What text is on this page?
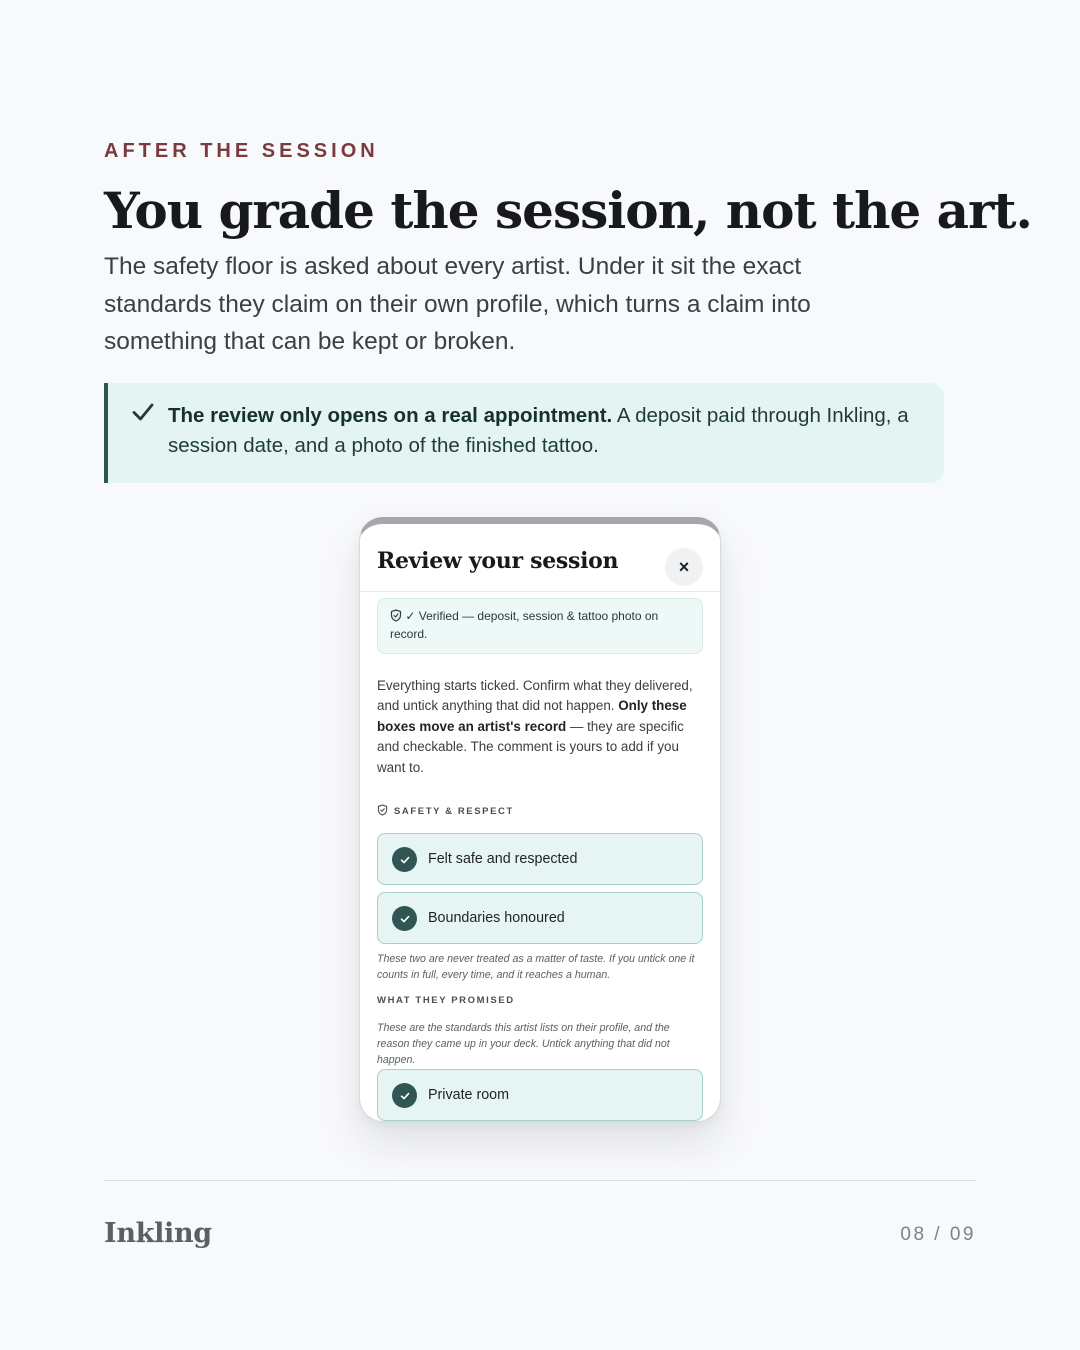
AFTER THE SESSION
You grade the session, not the art.

The safety floor is asked about every artist. Under it sit the exact standards they claim on their own profile, which turns a claim into something that can be kept or broken.

The review only opens on a real appointment. A deposit paid through Inkling, a session date, and a photo of the finished tattoo.
Review your session	×
✓ Verified — deposit, session & tattoo photo on record.

Everything starts ticked. Confirm what they delivered, and untick anything that did not happen. Only these boxes move an artist's record — they are specific and checkable. The comment is yours to add if you want to.

SAFETY & RESPECT
Felt safe and respected
Boundaries honoured

These two are never treated as a matter of taste. If you untick one it counts in full, every time, and it reaches a human.

WHAT THEY PROMISED

These are the standards this artist lists on their profile, and the reason they came up in your deck. Untick anything that did not happen.

Private room
Inkling	08 / 09
